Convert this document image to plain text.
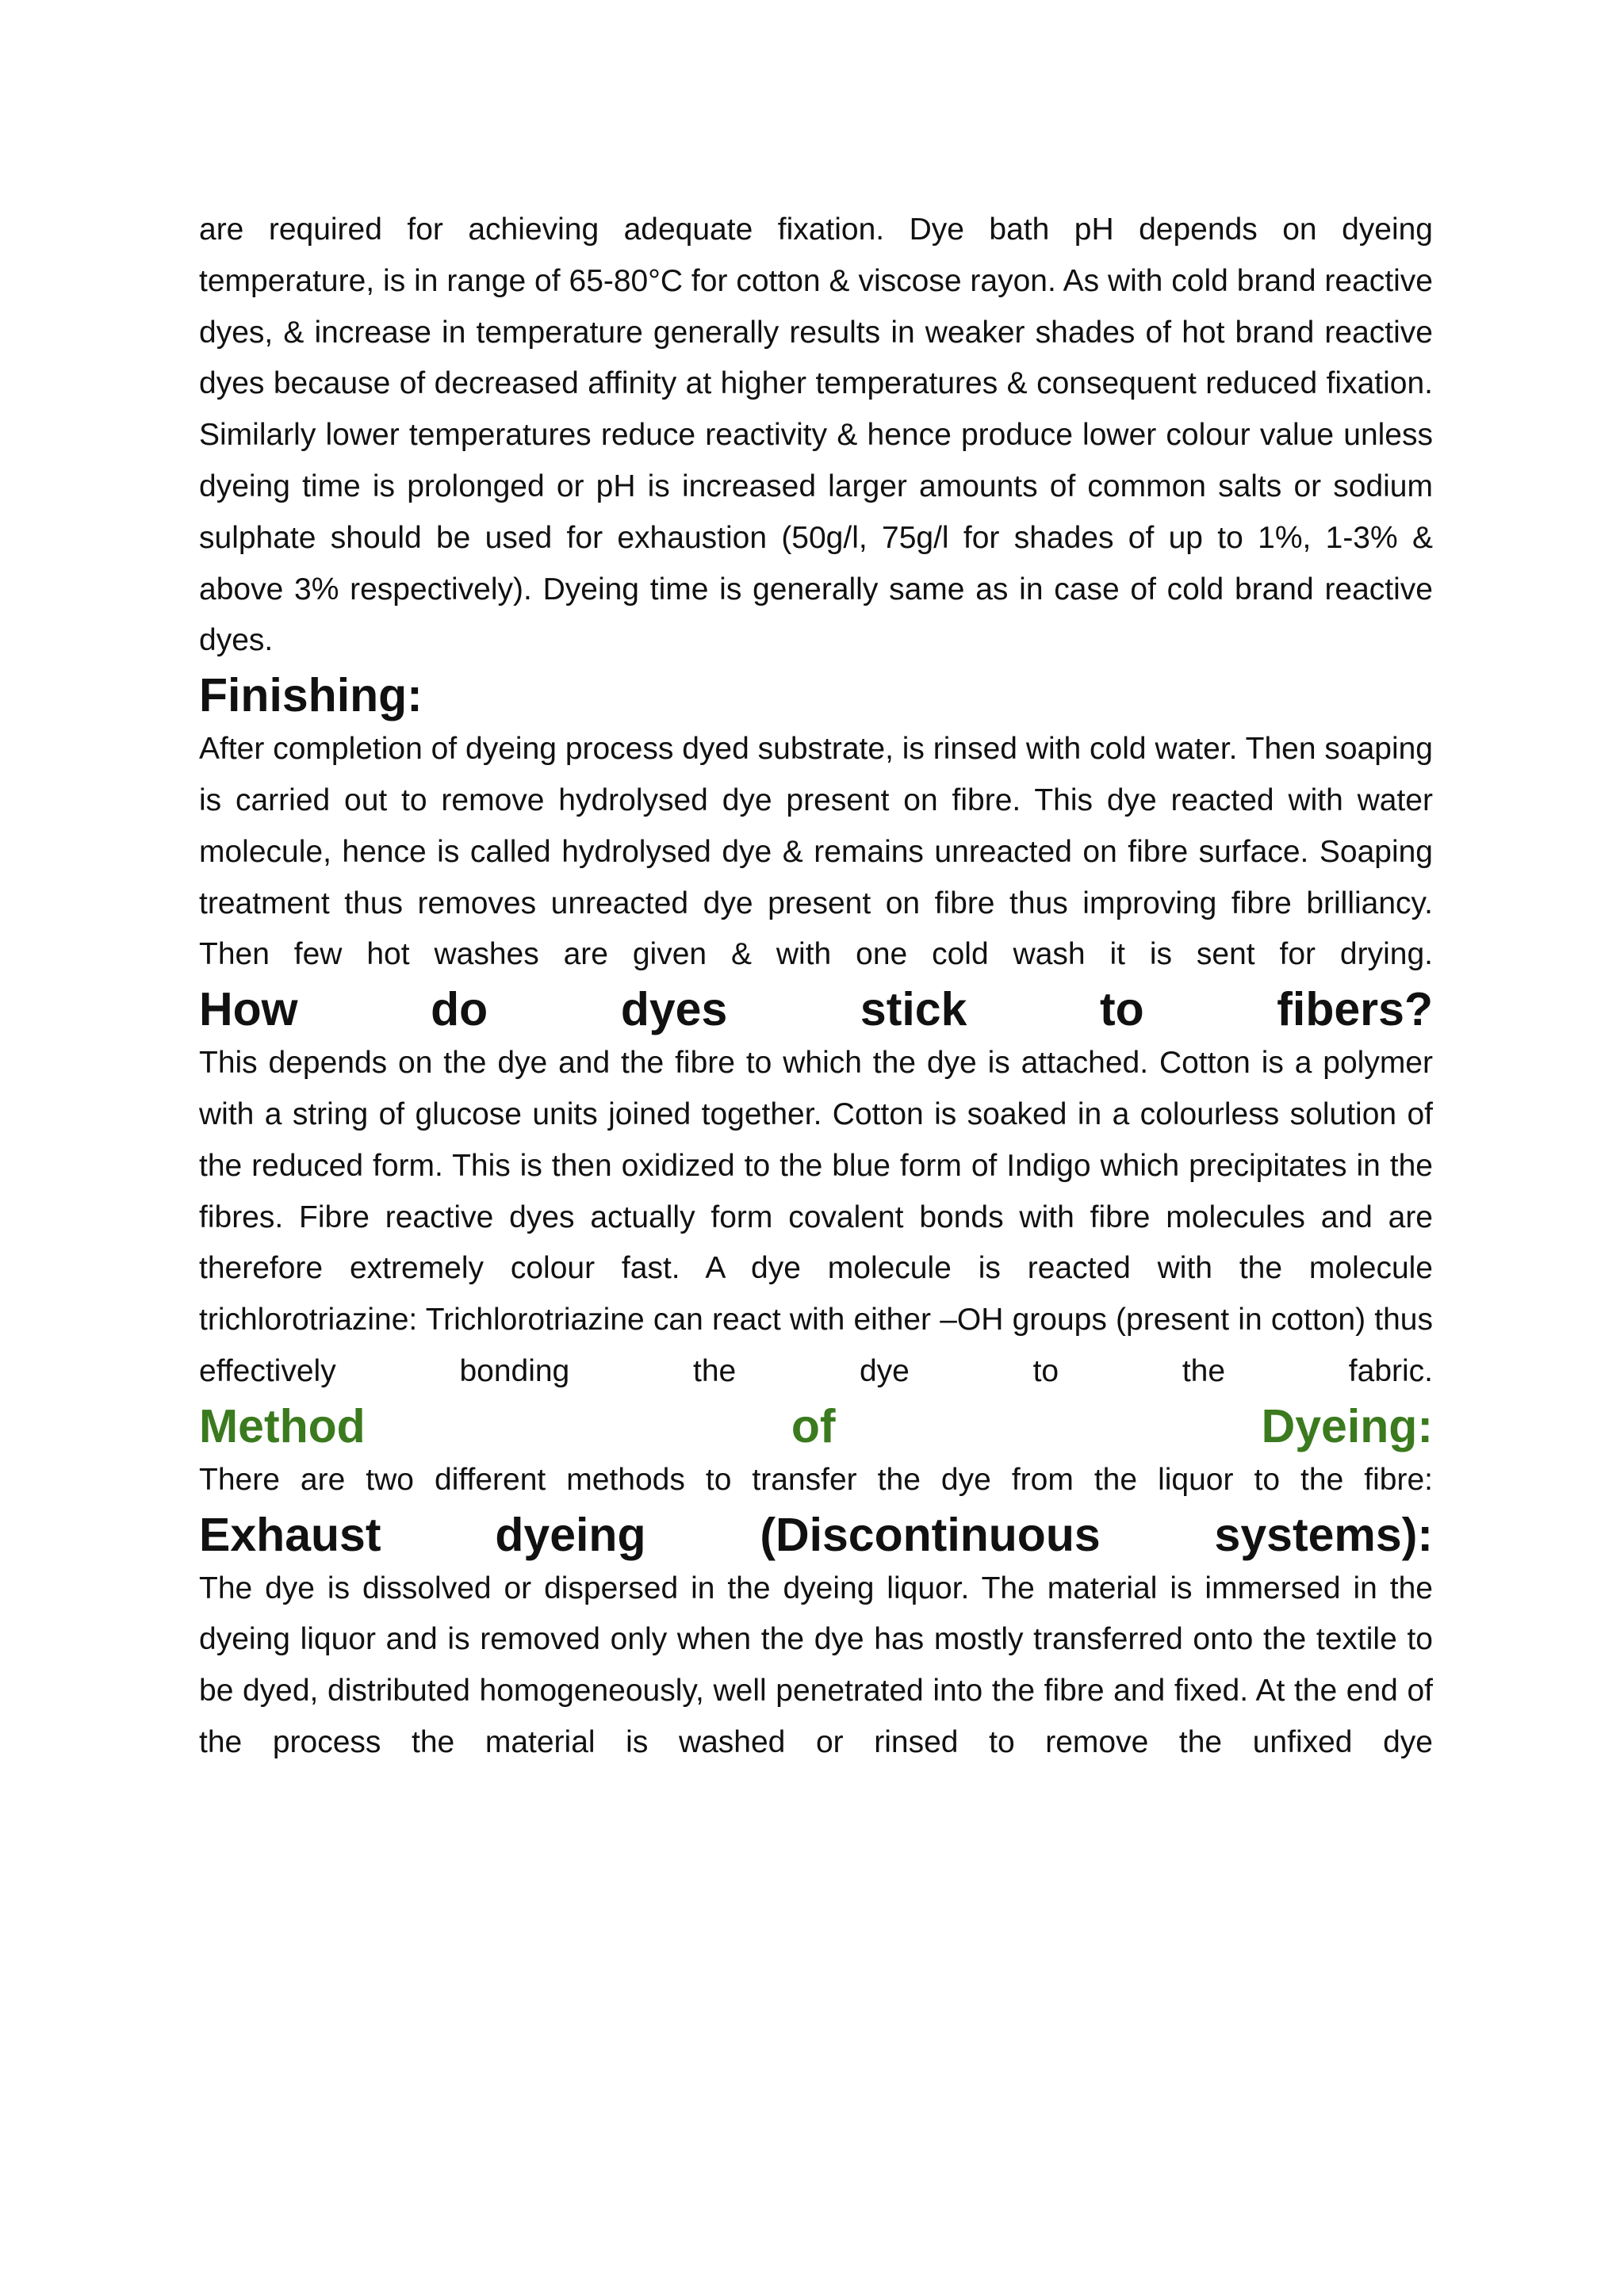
are required for achieving adequate fixation. Dye bath pH depends on dyeing temperature, is in range of 65-80°C for cotton & viscose rayon. As with cold brand reactive dyes, & increase in temperature generally results in weaker shades of hot brand reactive dyes because of decreased affinity at higher temperatures & consequent reduced fixation. Similarly lower temperatures reduce reactivity & hence produce lower colour value unless dyeing time is prolonged or pH is increased larger amounts of common salts or sodium sulphate should be used for exhaustion (50g/l, 75g/l for shades of up to 1%, 1-3% & above 3% respectively). Dyeing time is generally same as in case of cold brand reactive dyes.

Finishing:

After completion of dyeing process dyed substrate, is rinsed with cold water. Then soaping is carried out to remove hydrolysed dye present on fibre. This dye reacted with water molecule, hence is called hydrolysed dye & remains unreacted on fibre surface. Soaping treatment thus removes unreacted dye present on fibre thus improving fibre brilliancy. Then few hot washes are given & with one cold wash it is sent for drying.

How do dyes stick to fibers?

This depends on the dye and the fibre to which the dye is attached. Cotton is a polymer with a string of glucose units joined together. Cotton is soaked in a colourless solution of the reduced form. This is then oxidized to the blue form of Indigo which precipitates in the fibres. Fibre reactive dyes actually form covalent bonds with fibre molecules and are therefore extremely colour fast. A dye molecule is reacted with the molecule trichlorotriazine: Trichlorotriazine can react with either –OH groups (present in cotton) thus effectively bonding the dye to the fabric.

Method of Dyeing:

There are two different methods to transfer the dye from the liquor to the fibre:

Exhaust dyeing (Discontinuous systems):

The dye is dissolved or dispersed in the dyeing liquor. The material is immersed in the dyeing liquor and is removed only when the dye has mostly transferred onto the textile to be dyed, distributed homogeneously, well penetrated into the fibre and fixed. At the end of the process the material is washed or rinsed to remove the unfixed dye
